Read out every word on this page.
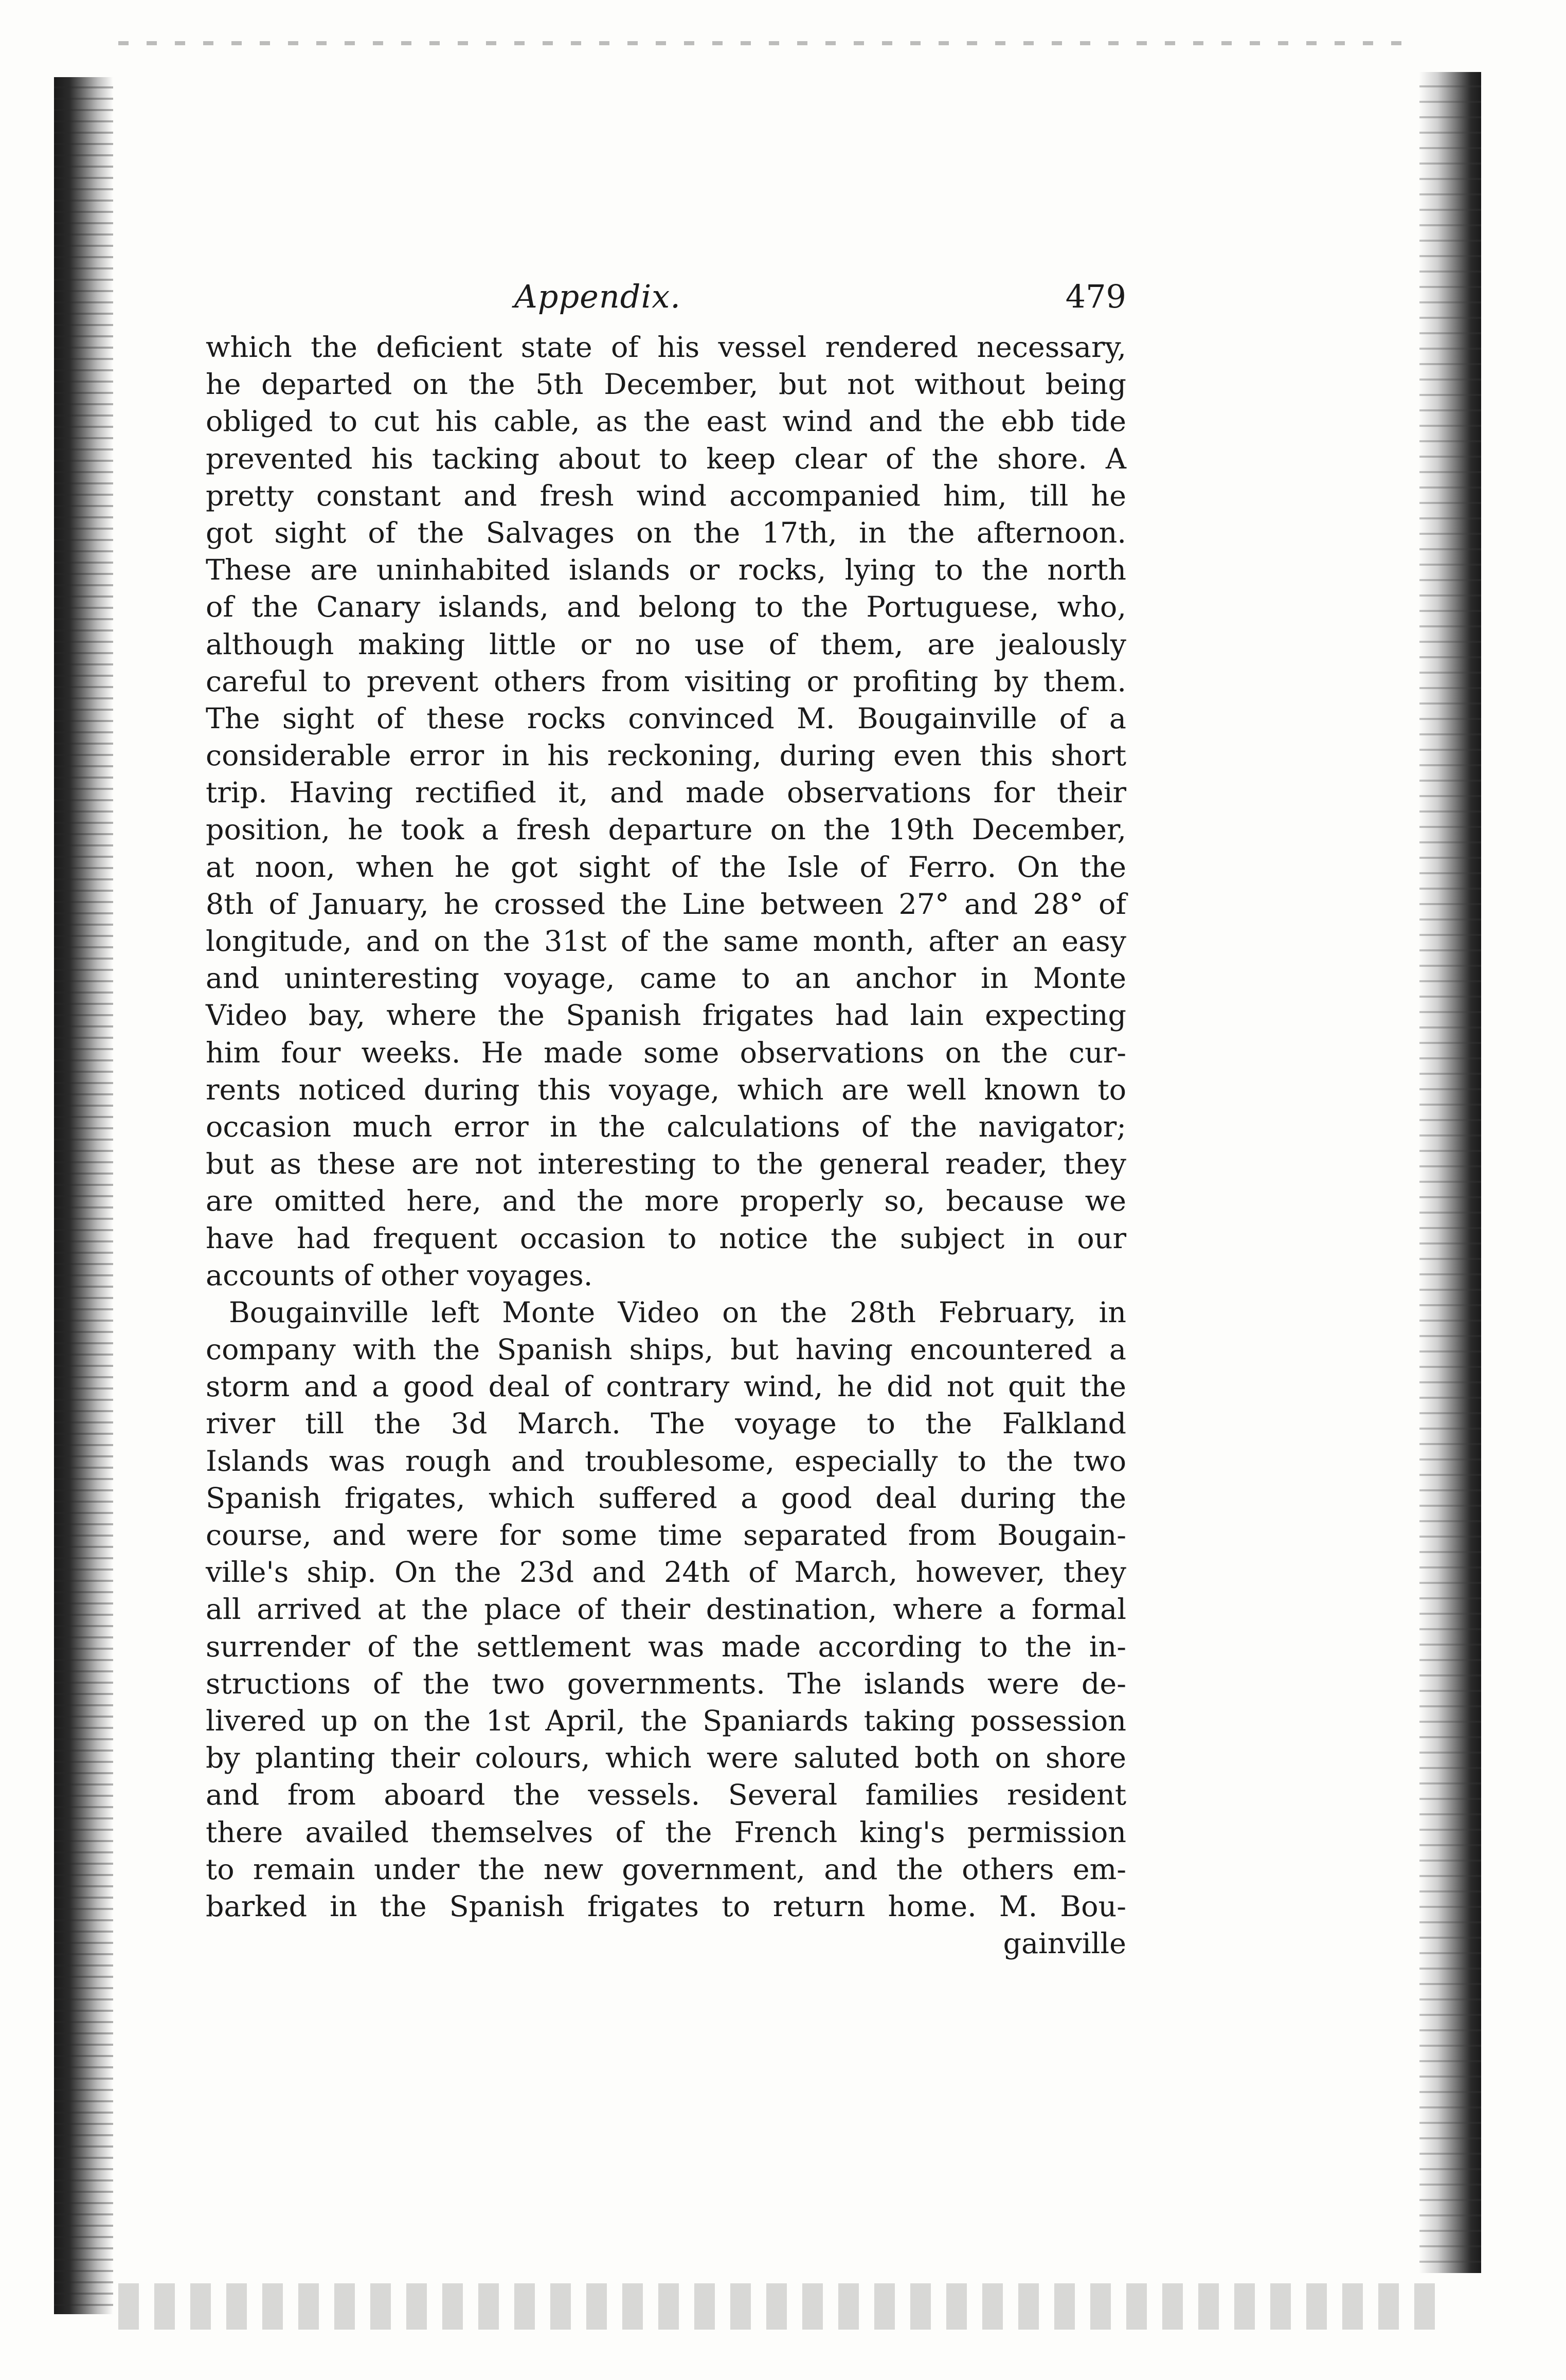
Appendix.	479
which the deficient state of his vessel rendered necessary,
he departed on the 5th December, but not without being
obliged to cut his cable, as the east wind and the ebb tide
prevented his tacking about to keep clear of the shore. A
pretty constant and fresh wind accompanied him, till he
got sight of the Salvages on the 17th, in the afternoon.
These are uninhabited islands or rocks, lying to the north
of the Canary islands, and belong to the Portuguese, who,
although making little or no use of them, are jealously
careful to prevent others from visiting or profiting by them.
The sight of these rocks convinced M. Bougainville of a
considerable error in his reckoning, during even this short
trip. Having rectified it, and made observations for their
position, he took a fresh departure on the 19th December,
at noon, when he got sight of the Isle of Ferro. On the
8th of January, he crossed the Line between 27° and 28° of
longitude, and on the 31st of the same month, after an easy
and uninteresting voyage, came to an anchor in Monte
Video bay, where the Spanish frigates had lain expecting
him four weeks. He made some observations on the cur-
rents noticed during this voyage, which are well known to
occasion much error in the calculations of the navigator;
but as these are not interesting to the general reader, they
are omitted here, and the more properly so, because we
have had frequent occasion to notice the subject in our
accounts of other voyages.
Bougainville left Monte Video on the 28th February, in
company with the Spanish ships, but having encountered a
storm and a good deal of contrary wind, he did not quit the
river till the 3d March. The voyage to the Falkland
Islands was rough and troublesome, especially to the two
Spanish frigates, which suffered a good deal during the
course, and were for some time separated from Bougain-
ville's ship. On the 23d and 24th of March, however, they
all arrived at the place of their destination, where a formal
surrender of the settlement was made according to the in-
structions of the two governments. The islands were de-
livered up on the 1st April, the Spaniards taking possession
by planting their colours, which were saluted both on shore
and from aboard the vessels. Several families resident
there availed themselves of the French king's permission
to remain under the new government, and the others em-
barked in the Spanish frigates to return home. M. Bou-
gainville
